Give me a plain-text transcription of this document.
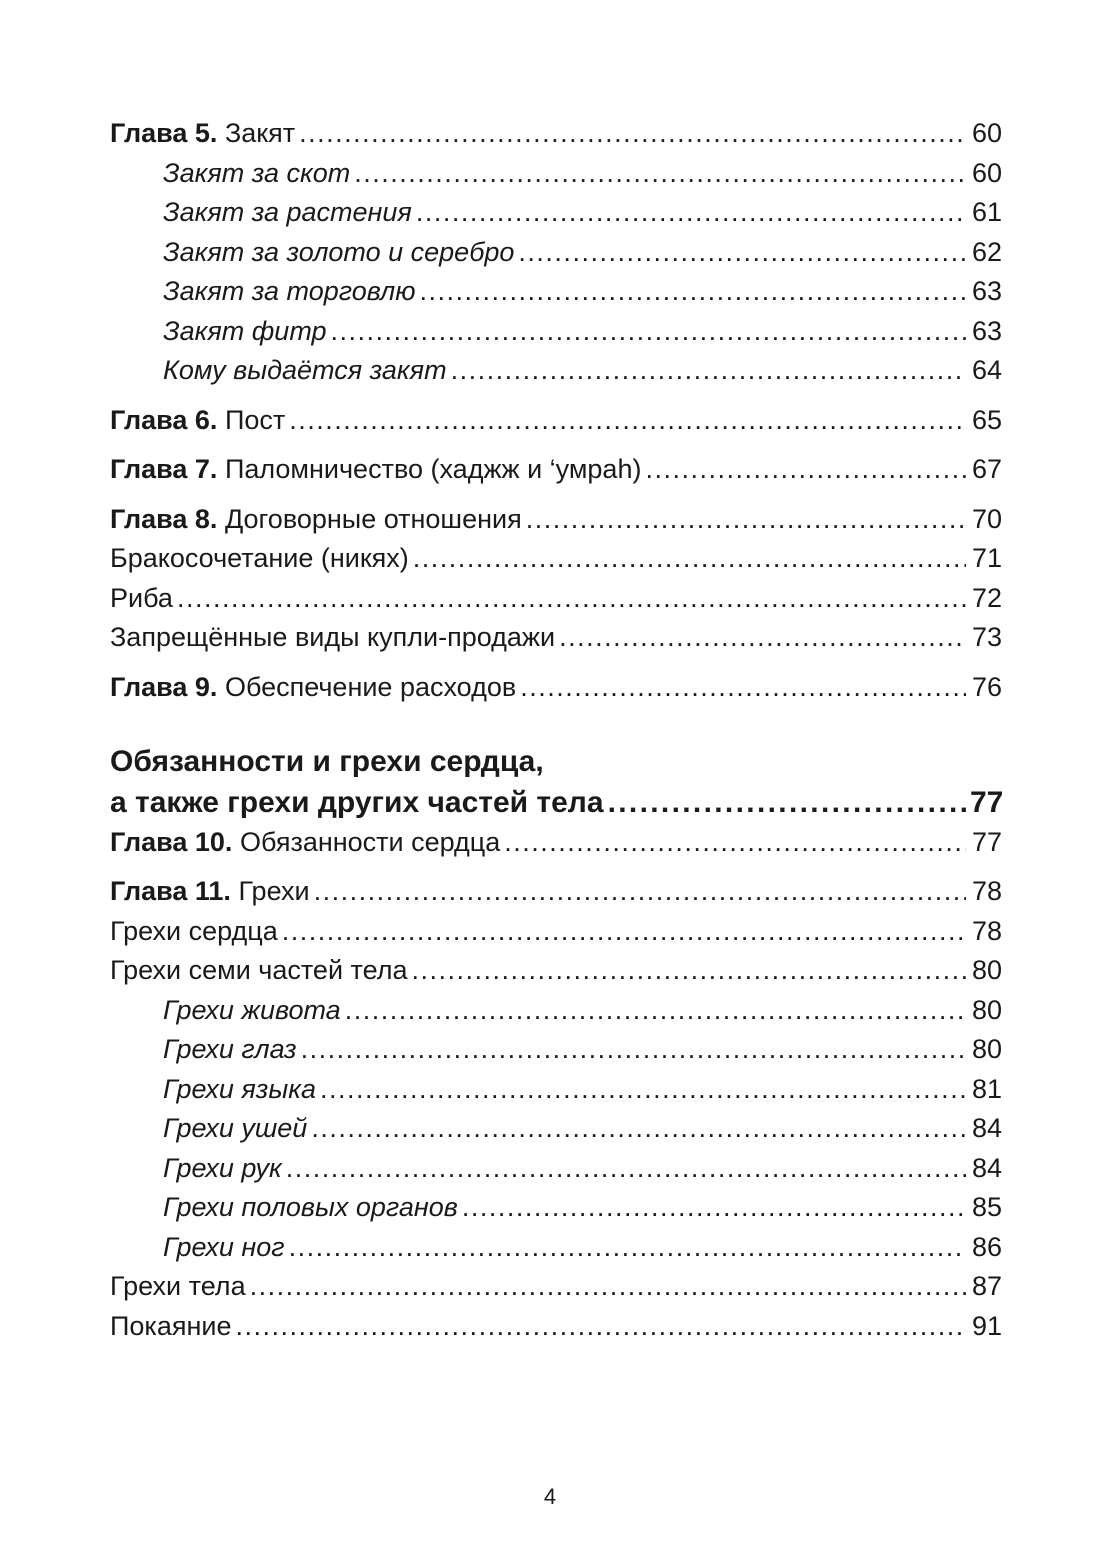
Глава 5. Закят . . .	60
Закят за скот . . .	60
Закят за растения . . .	61
Закят за золото и серебро . . .	62
Закят за торговлю . . .	63
Закят фитр . . .	63
Кому выдаётся закят . . .	64
Глава 6. Пост . . .	65
Глава 7. Паломничество (хаджж и ‘умраh) . . .	67
Глава 8. Договорные отношения . . .	70
Бракосочетание (никях) . . .	71
Риба . . .	72
Запрещённые виды купли-продажи . . .	73
Глава 9. Обеспечение расходов . . .	76
Обязанности и грехи сердца,
а также грехи других частей тела . . .	77
Глава 10. Обязанности сердца . . .	77
Глава 11. Грехи . . .	78
Грехи сердца . . .	78
Грехи семи частей тела . . .	80
Грехи живота . . .	80
Грехи глаз . . .	80
Грехи языка . . .	81
Грехи ушей . . .	84
Грехи рук . . .	84
Грехи половых органов . . .	85
Грехи ног . . .	86
Грехи тела . . .	87
Покаяние . . .	91
4
